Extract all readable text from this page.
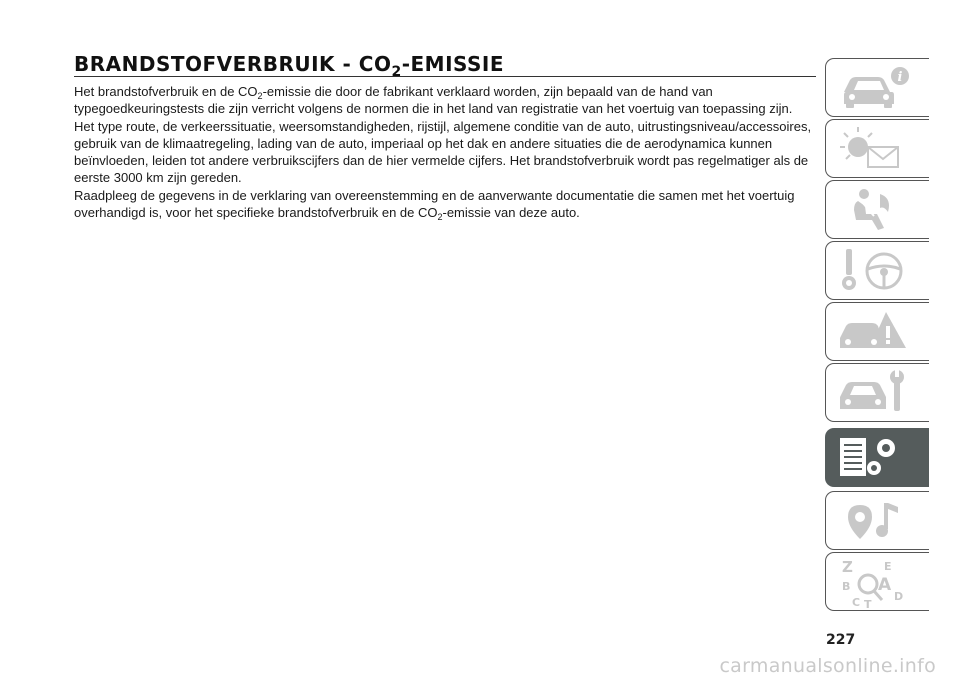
BRANDSTOFVERBRUIK - $CO_2$-EMISSIE

Het brandstofverbruik en de $CO_2$-emissie die door de fabrikant verklaard worden, zijn bepaald van de hand van typegoedkeuringstests die zijn verricht volgens de normen die in het land van registratie van het voertuig van toepassing zijn.

Het type route, de verkeerssituatie, weersomstandigheden, rijstijl, algemene conditie van de auto, uitrustingsniveau/accessoires, gebruik van de klimaatregeling, lading van de auto, imperiaal op het dak en andere situaties die de aerodynamica kunnen beïnvloeden, leiden tot andere verbruikscijfers dan de hier vermelde cijfers. Het brandstofverbruik wordt pas regelmatiger als de eerste 3000 km zijn gereden.

Raadpleeg de gegevens in de verklaring van overeenstemming en de aanverwante documentatie die samen met het voertuig overhandigd is, voor het specifieke brandstofverbruik en de $CO_2$-emissie van deze auto.

i
Z	E
B A
C T
D
227
carmanualsonline.info
